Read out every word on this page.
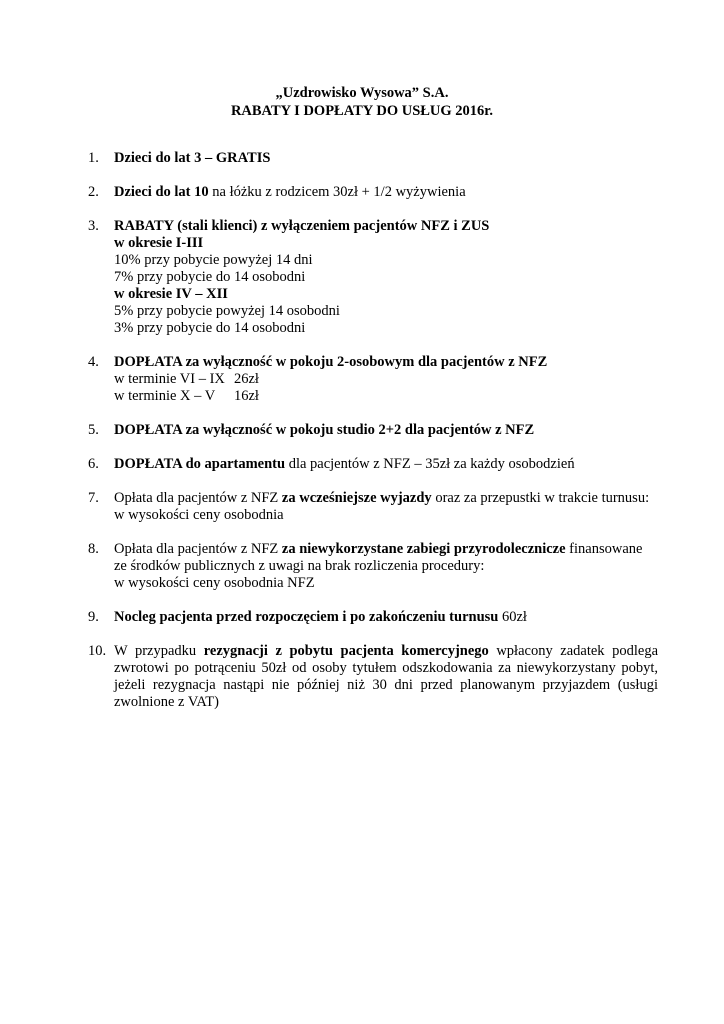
„Uzdrowisko Wysowa” S.A.
RABATY I DOPŁATY DO USŁUG 2016r.
1. Dzieci do lat 3 – GRATIS
2. Dzieci do lat 10 na łóżku z rodzicem 30zł + 1/2 wyżywienia
3. RABATY (stali klienci) z wyłączeniem pacjentów NFZ i ZUS
w okresie I-III
10% przy pobycie powyżej 14 dni
7% przy pobycie do 14 osobodni
w okresie IV – XII
5% przy pobycie powyżej 14 osobodni
3% przy pobycie do 14 osobodni
4. DOPŁATA za wyłączność w pokoju 2-osobowym dla pacjentów z NFZ
w terminie VI – IX 26zł
w terminie X – V 16zł
5. DOPŁATA za wyłączność w pokoju studio 2+2 dla pacjentów z NFZ
6. DOPŁATA do apartamentu dla pacjentów z NFZ – 35zł za każdy osobodzień
7. Opłata dla pacjentów z NFZ za wcześniejsze wyjazdy oraz za przepustki w trakcie turnusu:
w wysokości ceny osobodnia
8. Opłata dla pacjentów z NFZ za niewykorzystane zabiegi przyrodolecznicze finansowane
ze środków publicznych z uwagi na brak rozliczenia procedury:
w wysokości ceny osobodnia NFZ
9. Nocleg pacjenta przed rozpoczęciem i po zakończeniu turnusu 60zł
10. W przypadku rezygnacji z pobytu pacjenta komercyjnego wpłacony zadatek podlega zwrotowi po potrąceniu 50zł od osoby tytułem odszkodowania za niewykorzystany pobyt, jeżeli rezygnacja nastąpi nie później niż 30 dni przed planowanym przyjazdem (usługi zwolnione z VAT)
